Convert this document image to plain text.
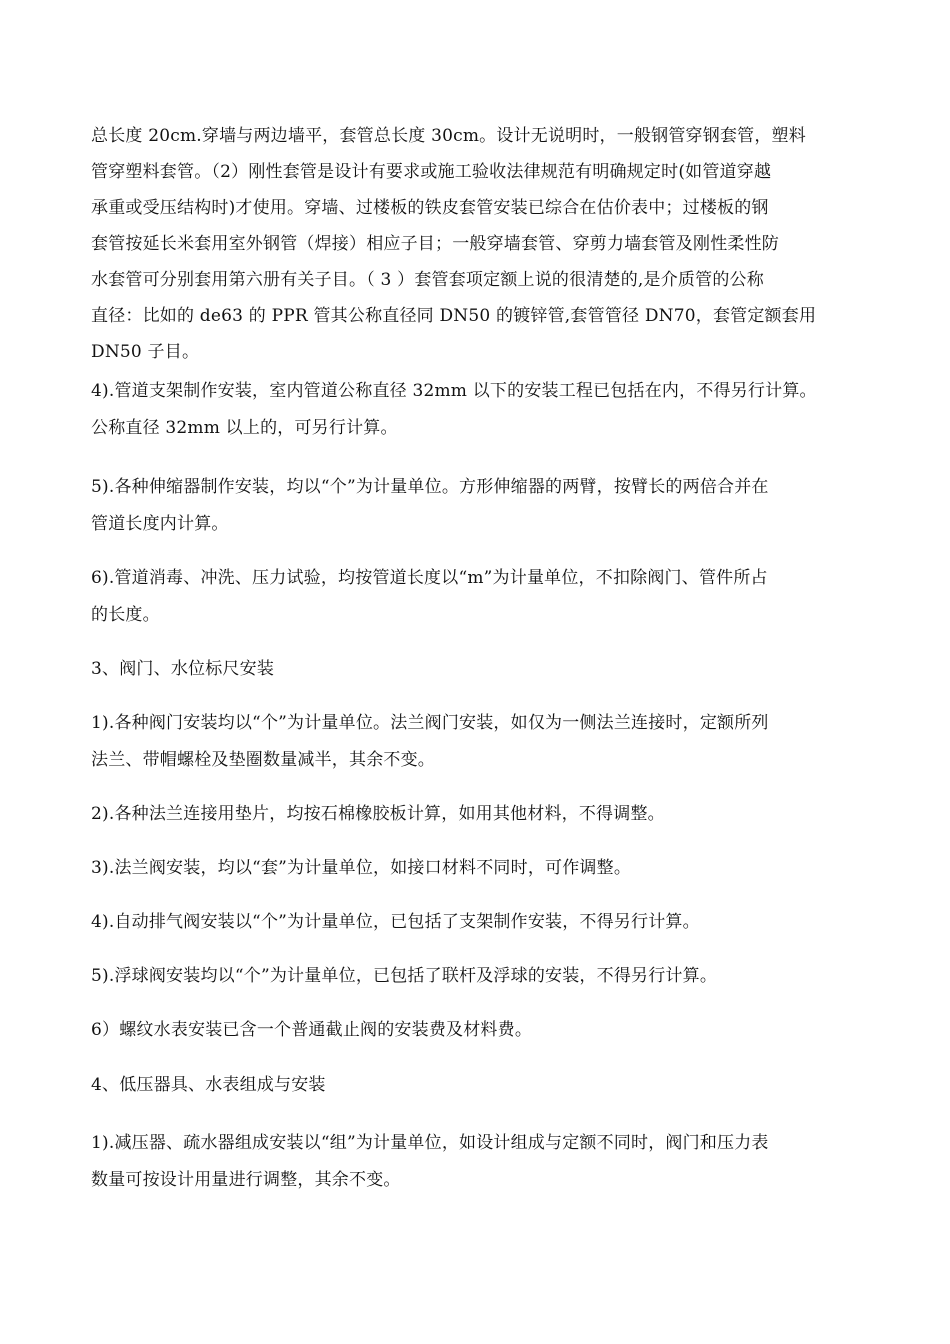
总长度 20cm.穿墙与两边墙平，套管总长度 30cm。设计无说明时，一般钢管穿钢套管，塑料
管穿塑料套管。（2）刚性套管是设计有要求或施工验收法律规范有明确规定时(如管道穿越
承重或受压结构时)才使用。穿墙、过楼板的铁皮套管安装已综合在估价表中；过楼板的钢
套管按延长米套用室外钢管（焊接）相应子目；一般穿墙套管、穿剪力墙套管及刚性柔性防
水套管可分别套用第六册有关子目。（ 3 ）套管套项定额上说的很清楚的,是介质管的公称
直径：比如的 de63 的 PPR 管其公称直径同 DN50 的镀锌管,套管管径 DN70，套管定额套用
DN50 子目。
4).管道支架制作安装，室内管道公称直径 32mm 以下的安装工程已包括在内，不得另行计算。
公称直径 32mm 以上的，可另行计算。
5).各种伸缩器制作安装，均以“个”为计量单位。方形伸缩器的两臂，按臂长的两倍合并在
管道长度内计算。
6).管道消毒、冲洗、压力试验，均按管道长度以“m”为计量单位，不扣除阀门、管件所占
的长度。
3、阀门、水位标尺安装
1).各种阀门安装均以“个”为计量单位。法兰阀门安装，如仅为一侧法兰连接时，定额所列
法兰、带帽螺栓及垫圈数量减半，其余不变。
2).各种法兰连接用垫片，均按石棉橡胶板计算，如用其他材料，不得调整。
3).法兰阀安装，均以“套”为计量单位，如接口材料不同时，可作调整。
4).自动排气阀安装以“个”为计量单位，已包括了支架制作安装，不得另行计算。
5).浮球阀安装均以“个”为计量单位，已包括了联杆及浮球的安装，不得另行计算。
6）螺纹水表安装已含一个普通截止阀的安装费及材料费。
4、低压器具、水表组成与安装
1).减压器、疏水器组成安装以“组”为计量单位，如设计组成与定额不同时，阀门和压力表
数量可按设计用量进行调整，其余不变。
